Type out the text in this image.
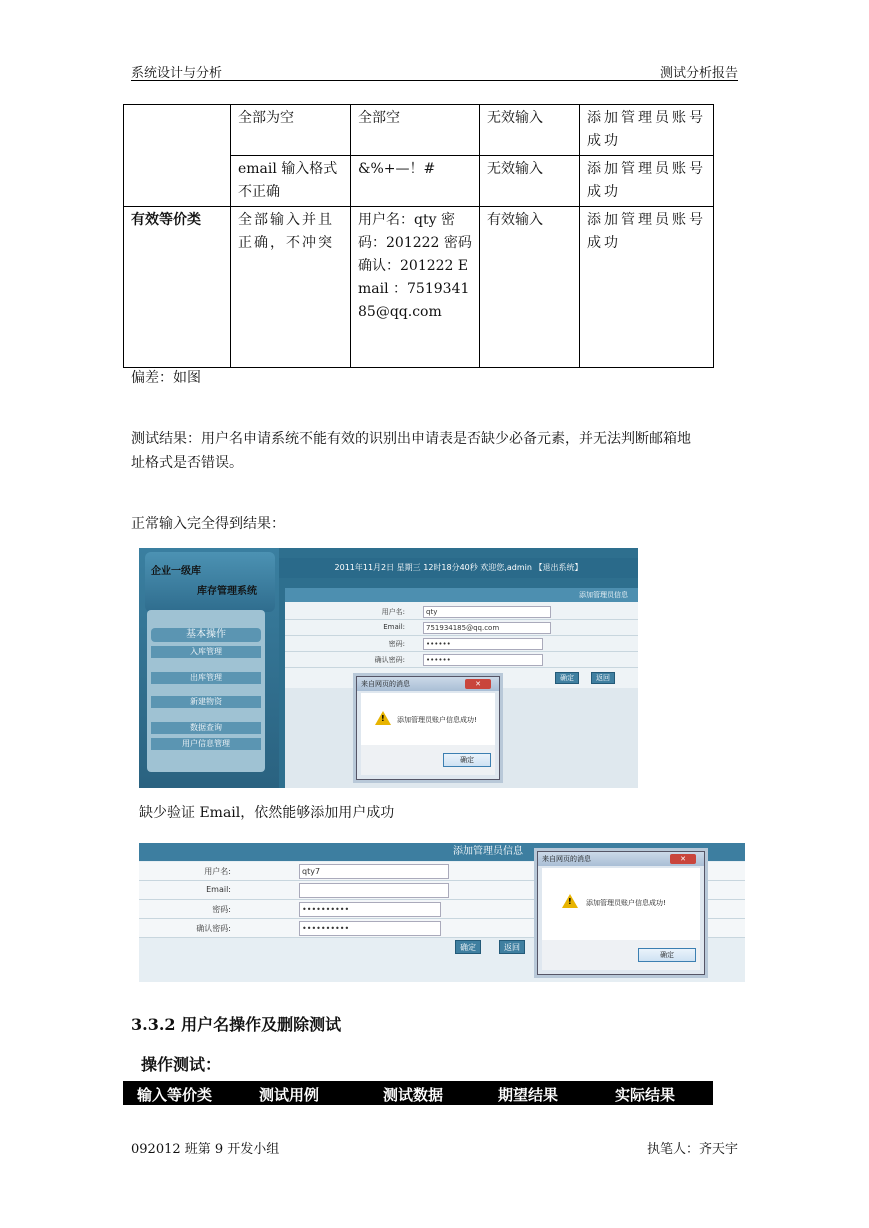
系统设计与分析	测试分析报告
	全部为空	全部空	无效输入	添加管理员账号成功
	email 输入格式不正确	&%+—！#	无效输入	添加管理员账号成功
有效等价类	全部输入并且正确，不冲突	用户名：qty 密码：201222 密码确认：201222 Email ：751934185@qq.com	有效输入	添加管理员账号成功
偏差：如图
测试结果：用户名申请系统不能有效的识别出申请表是否缺少必备元素，并无法判断邮箱地
址格式是否错误。
正常输入完全得到结果：
企业一级库
库存管理系统
基本操作
入库管理
出库管理
新建物资
数据查询
用户信息管理
2011年11月2日 星期三 12时18分40秒 欢迎您,admin 【退出系统】
添加管理员信息
用户名:	qty
Email:	751934185@qq.com
密码:	••••••
确认密码:	••••••
确定	返回
来自网页的消息	✕
! 添加管理员账户信息成功!
确定
缺少验证 Email，依然能够添加用户成功
添加管理员信息
用户名:	qty7
Email:
密码:	••••••••••
确认密码:	••••••••••
确定	返回
来自网页的消息	✕
! 添加管理员账户信息成功!
确定
3.3.2 用户名操作及删除测试
操作测试：
输入等价类	测试用例	测试数据	期望结果	实际结果
092012 班第 9 开发小组	执笔人：齐天宇
